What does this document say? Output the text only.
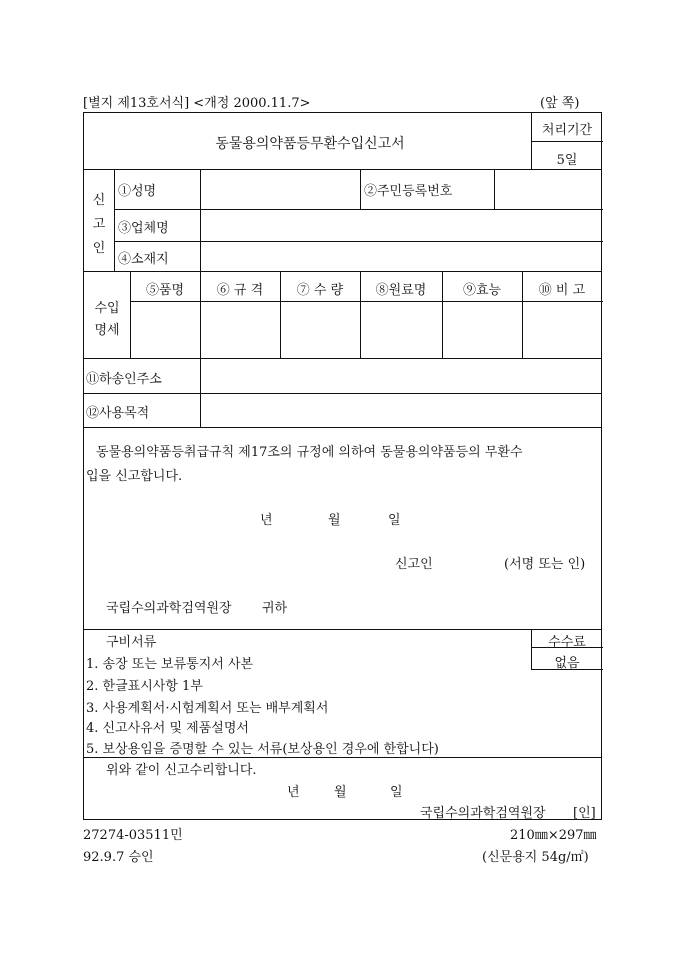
[별지 제13호서식] <개정 2000.11.7>	(앞 쪽)
동물용의약품등무환수입신고서
처리기간
5일
신
고
인
①성명	②주민등록번호
③업체명
④소재지
수입
명세
⑤품명	⑥ 규 격	⑦ 수 량 ⑧원료명	⑨효능	⑩ 비 고
⑪하송인주소
⑫사용목적
동물용의약품등취급규칙 제17조의 규정에 의하여 동물용의약품등의 무환수
입을 신고합니다.
년	월	일
신고인	(서명 또는 인)
국립수의과학검역원장 귀하
구비서류
1. 송장 또는 보류통지서 사본
2. 한글표시사항 1부
3. 사용계획서·시험계획서 또는 배부계획서
4. 신고사유서 및 제품설명서
5. 보상용임을 증명할 수 있는 서류(보상용인 경우에 한합니다)
수수료
없음
위와 같이 신고수리합니다.
년	월	일
국립수의과학검역원장 [인]
27274-03511민	210㎜×297㎜
92.9.7 승인	(신문용지 54g/㎡)
